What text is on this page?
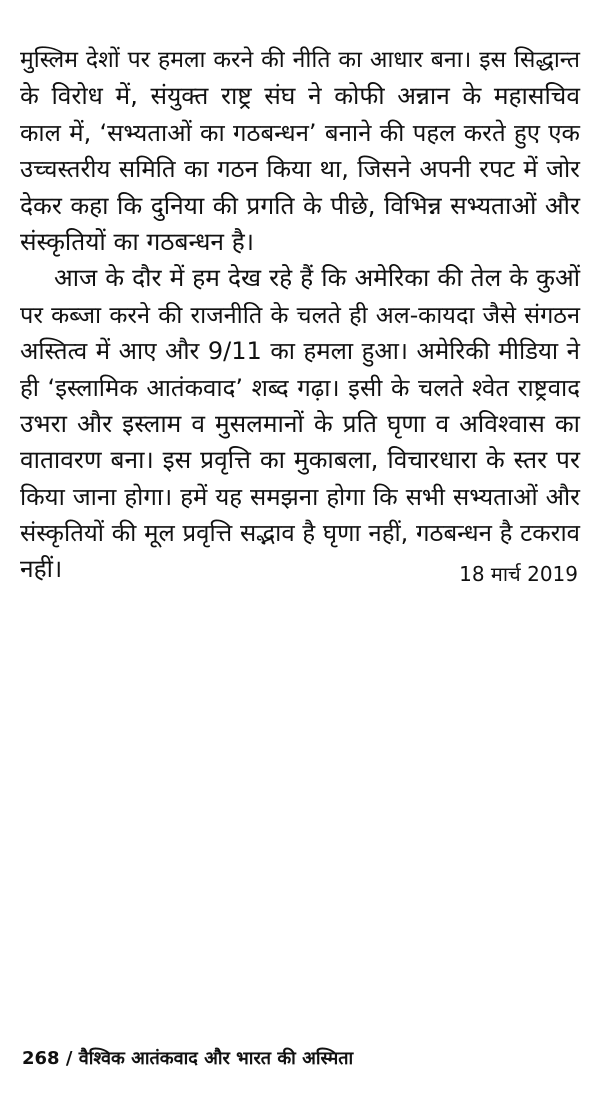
मुस्लिम देशों पर हमला करने की नीति का आधार बना। इस सिद्धान्त
के विरोध में, संयुक्त राष्ट्र संघ ने कोफी अन्नान के महासचिव
काल में, ‘सभ्यताओं का गठबन्धन’ बनाने की पहल करते हुए एक
उच्चस्तरीय समिति का गठन किया था, जिसने अपनी रपट में जोर
देकर कहा कि दुनिया की प्रगति के पीछे, विभिन्न सभ्यताओं और
संस्कृतियों का गठबन्धन है।
आज के दौर में हम देख रहे हैं कि अमेरिका की तेल के कुओं
पर कब्जा करने की राजनीति के चलते ही अल-कायदा जैसे संगठन
अस्तित्व में आए और 9/11 का हमला हुआ। अमेरिकी मीडिया ने
ही ‘इस्लामिक आतंकवाद’ शब्द गढ़ा। इसी के चलते श्वेत राष्ट्रवाद
उभरा और इस्लाम व मुसलमानों के प्रति घृणा व अविश्वास का
वातावरण बना। इस प्रवृत्ति का मुकाबला, विचारधारा के स्तर पर
किया जाना होगा। हमें यह समझना होगा कि सभी सभ्यताओं और
संस्कृतियों की मूल प्रवृत्ति सद्भाव है घृणा नहीं, गठबन्धन है टकराव
नहीं।	18 मार्च 2019
268 / वैश्विक आतंकवाद और भारत की अस्मिता
